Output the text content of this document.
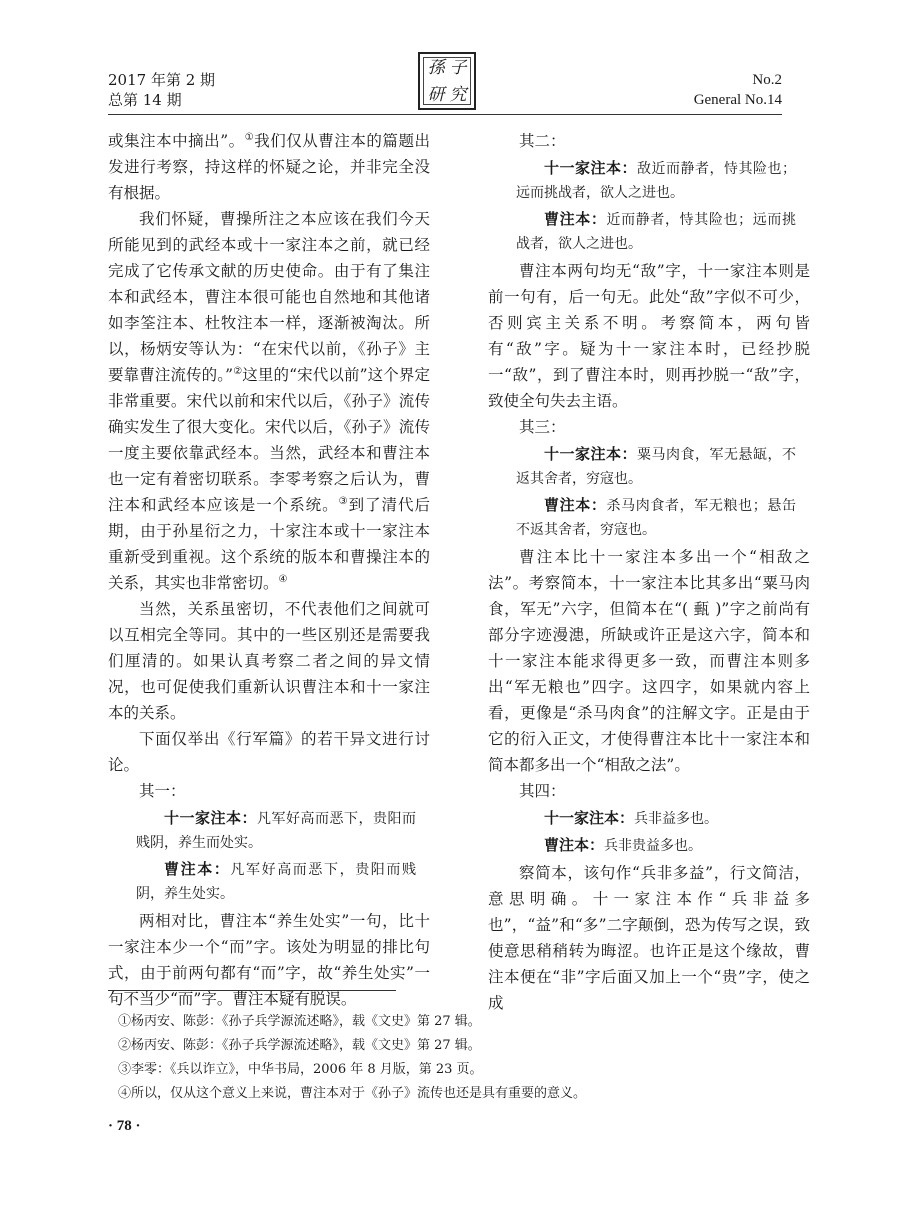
2017 年第 2 期
总第 14 期
孫 子
研 究
No.2
General No.14

或集注本中摘出”。①我们仅从曹注本的篇题出发进行考察，持这样的怀疑之论，并非完全没有根据。

我们怀疑，曹操所注之本应该在我们今天所能见到的武经本或十一家注本之前，就已经完成了它传承文献的历史使命。由于有了集注本和武经本，曹注本很可能也自然地和其他诸如李筌注本、杜牧注本一样，逐渐被淘汰。所以，杨炳安等认为：“在宋代以前，《孙子》主要靠曹注流传的。”②这里的“宋代以前”这个界定非常重要。宋代以前和宋代以后，《孙子》流传确实发生了很大变化。宋代以后，《孙子》流传一度主要依靠武经本。当然，武经本和曹注本也一定有着密切联系。李零考察之后认为，曹注本和武经本应该是一个系统。③到了清代后期，由于孙星衍之力，十家注本或十一家注本重新受到重视。这个系统的版本和曹操注本的关系，其实也非常密切。④

当然，关系虽密切，不代表他们之间就可以互相完全等同。其中的一些区别还是需要我们厘清的。如果认真考察二者之间的异文情况，也可促使我们重新认识曹注本和十一家注本的关系。

下面仅举出《行军篇》的若干异文进行讨论。

其一：

十一家注本：凡军好高而恶下，贵阳而贱阴，养生而处实。

曹注本：凡军好高而恶下，贵阳而贱阴，养生处实。

两相对比，曹注本“养生处实”一句，比十一家注本少一个“而”字。该处为明显的排比句式，由于前两句都有“而”字，故“养生处实”一句不当少“而”字。曹注本疑有脱误。

其二：

十一家注本：敌近而静者，恃其险也；远而挑战者，欲人之进也。

曹注本：近而静者，恃其险也；远而挑战者，欲人之进也。

曹注本两句均无“敌”字，十一家注本则是前一句有，后一句无。此处“敌”字似不可少，否则宾主关系不明。考察简本，两句皆有“敌”字。疑为十一家注本时，已经抄脱一“敌”，到了曹注本时，则再抄脱一“敌”字，致使全句失去主语。

其三：

十一家注本：粟马肉食，军无悬缻，不返其舍者，穷寇也。

曹注本：杀马肉食者，军无粮也；悬缶不返其舍者，穷寇也。

曹注本比十一家注本多出一个“相敌之法”。考察简本，十一家注本比其多出“粟马肉食，军无”六字，但简本在“( 甀 )”字之前尚有部分字迹漫漶，所缺或许正是这六字，简本和十一家注本能求得更多一致，而曹注本则多出“军无粮也”四字。这四字，如果就内容上看，更像是“杀马肉食”的注解文字。正是由于它的衍入正文，才使得曹注本比十一家注本和简本都多出一个“相敌之法”。

其四：

十一家注本：兵非益多也。

曹注本：兵非贵益多也。

察简本，该句作“兵非多益”，行文简洁，意思明确。十一家注本作“兵非益多也”，“益”和“多”二字颠倒，恐为传写之误，致使意思稍稍转为晦涩。也许正是这个缘故，曹注本便在“非”字后面又加上一个“贵”字，使之成

①杨丙安、陈彭：《孙子兵学源流述略》，载《文史》第 27 辑。
②杨丙安、陈彭：《孙子兵学源流述略》，载《文史》第 27 辑。
③李零：《兵以诈立》，中华书局，2006 年 8 月版，第 23 页。
④所以，仅从这个意义上来说，曹注本对于《孙子》流传也还是具有重要的意义。
· 78 ·
